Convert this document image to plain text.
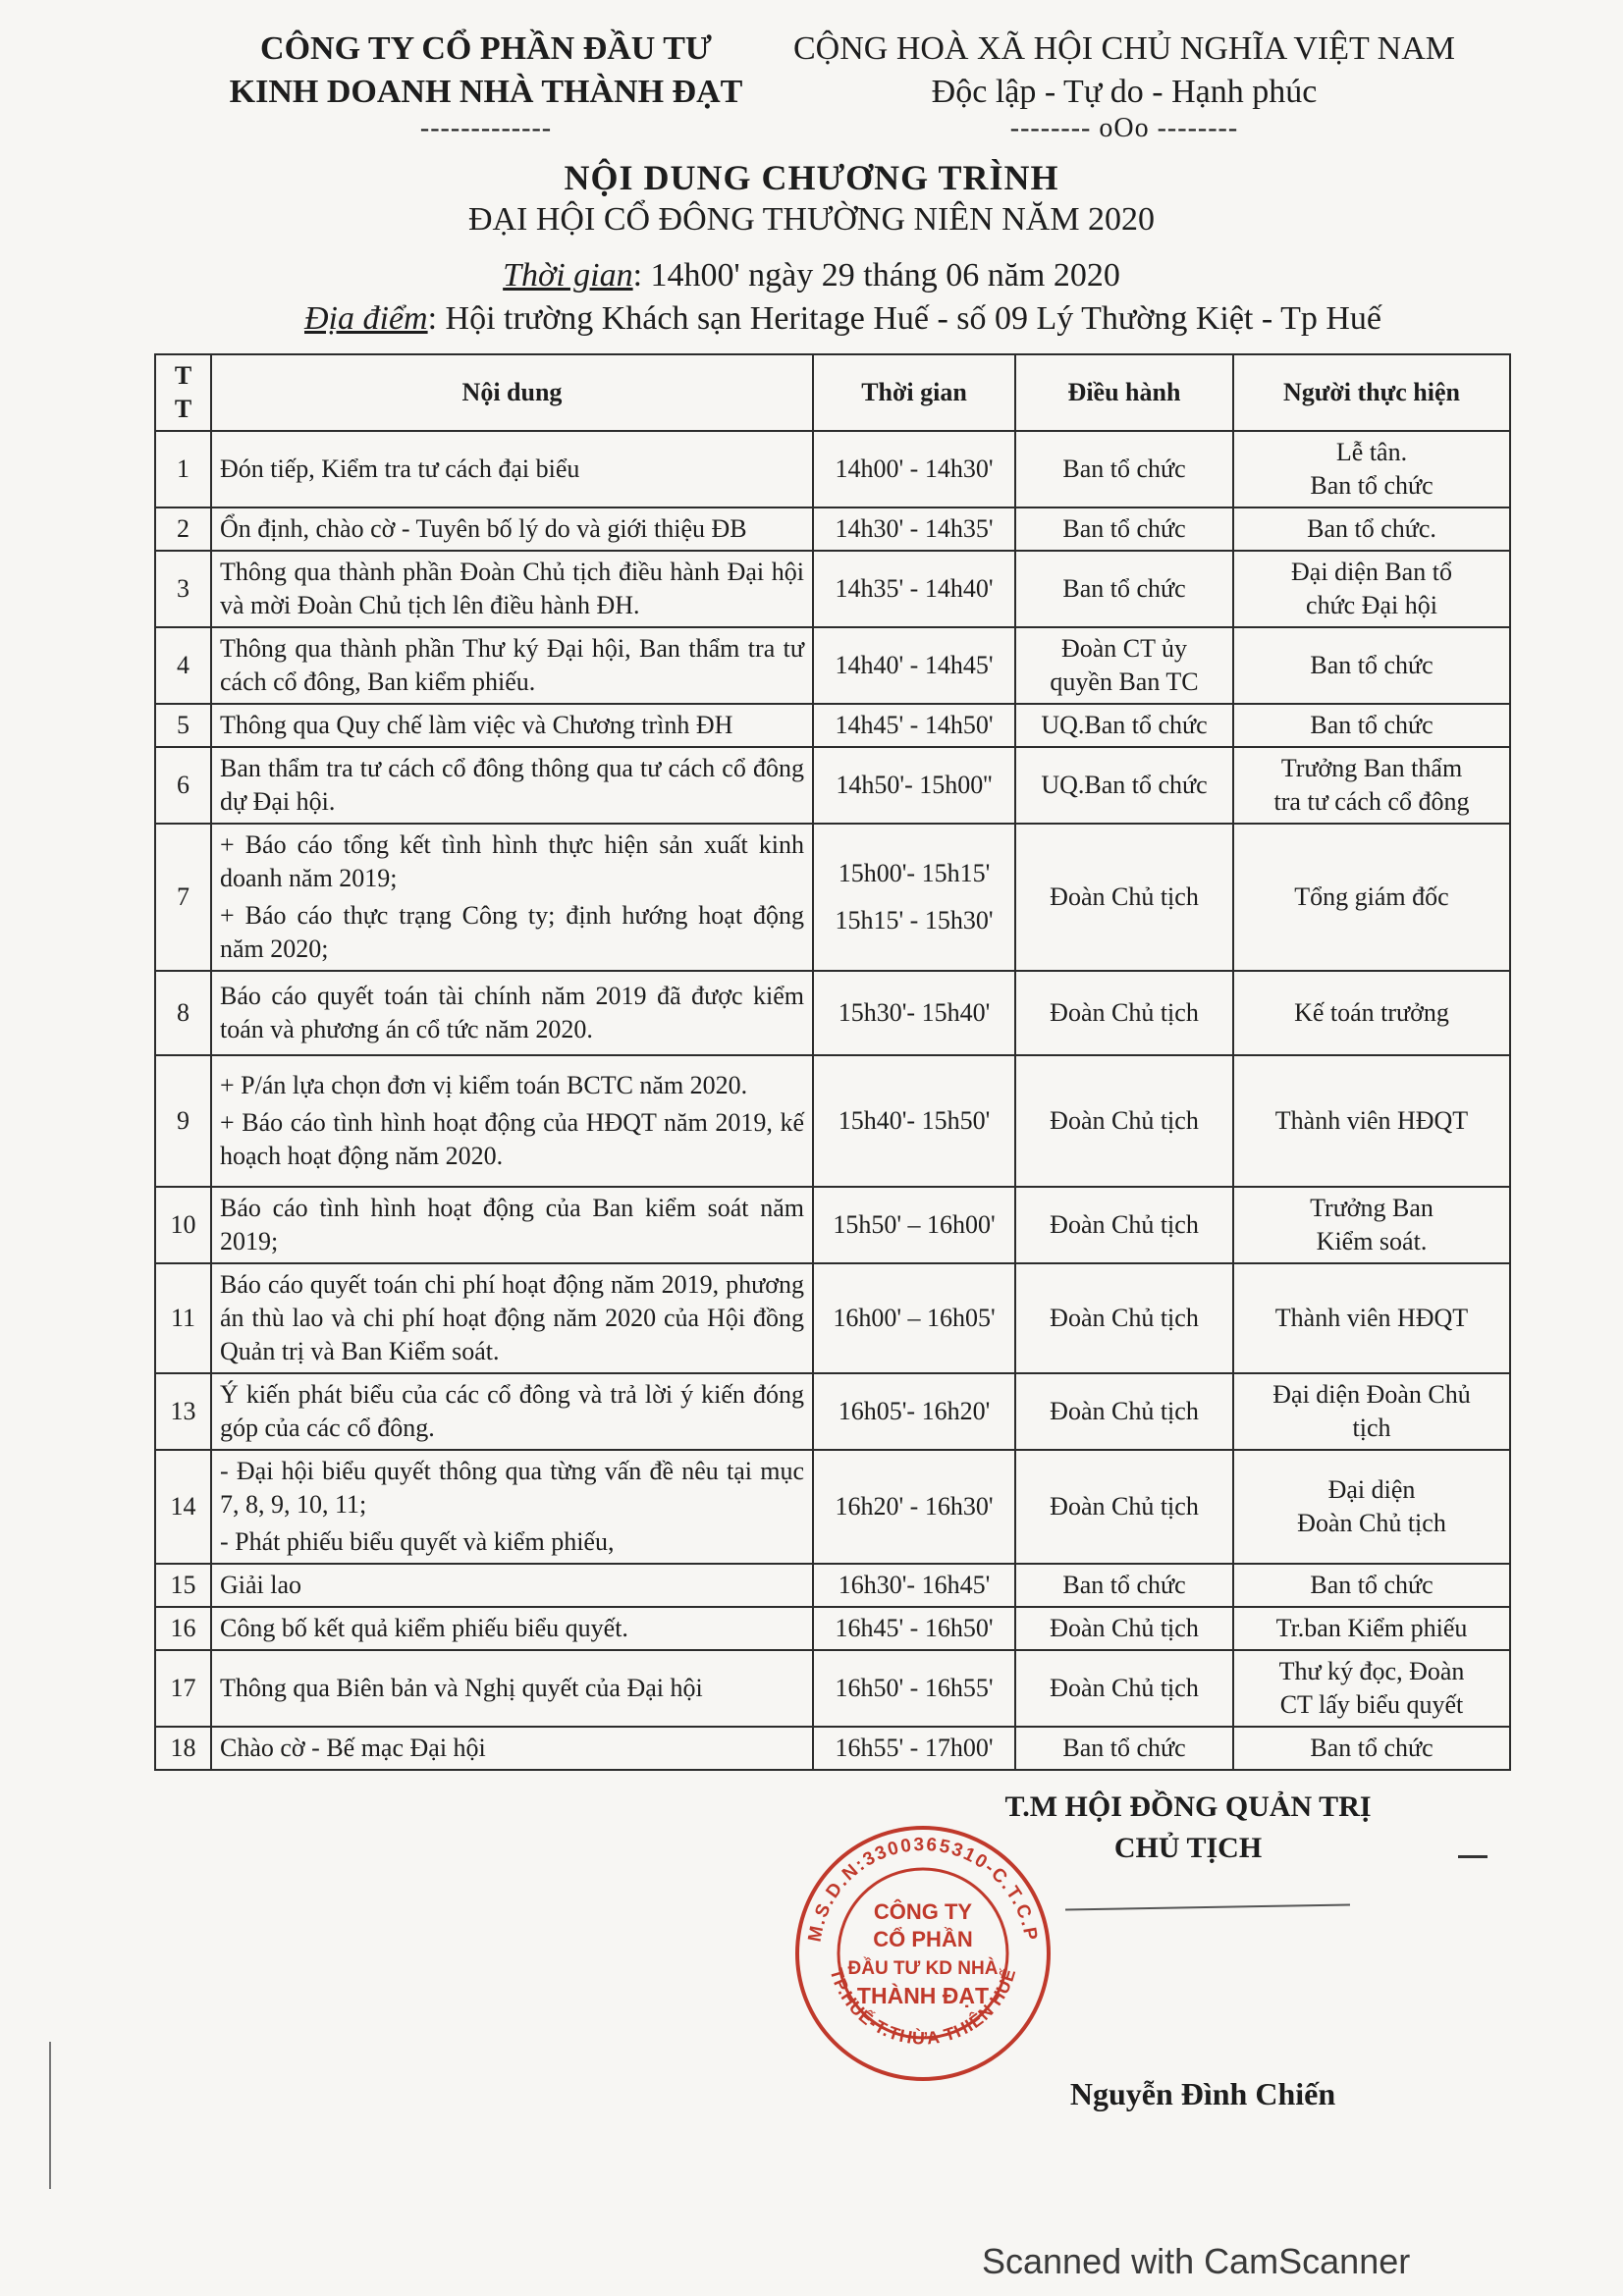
CÔNG TY CỔ PHẦN ĐẦU TƯ
KINH DOANH NHÀ THÀNH ĐẠT
-------------
CỘNG HOÀ XÃ HỘI CHỦ NGHĨA VIỆT NAM
Độc lập - Tự do - Hạnh phúc
-------- oOo --------
NỘI DUNG CHƯƠNG TRÌNH
ĐẠI HỘI CỔ ĐÔNG THƯỜNG NIÊN NĂM 2020
Thời gian: 14h00' ngày 29 tháng 06 năm 2020
Địa điểm: Hội trường Khách sạn Heritage Huế - số 09 Lý Thường Kiệt - Tp Huế
T
T	Nội dung	Thời gian	Điều hành	Người thực hiện
1	Đón tiếp, Kiểm tra tư cách đại biểu	14h00' - 14h30'	Ban tổ chức	Lễ tân.
Ban tổ chức

2	Ổn định, chào cờ - Tuyên bố lý do và giới thiệu ĐB	14h30' - 14h35'	Ban tổ chức	Ban tổ chức.

3	Thông qua thành phần Đoàn Chủ tịch điều hành Đại hội và mời Đoàn Chủ tịch lên điều hành ĐH.	14h35' - 14h40'	Ban tổ chức	Đại diện Ban tổ
chức Đại hội

4	Thông qua thành phần Thư ký Đại hội, Ban thẩm tra tư cách cổ đông, Ban kiểm phiếu.	14h40' - 14h45'	Đoàn CT ủy
quyền Ban TC	Ban tổ chức

5	Thông qua Quy chế làm việc và Chương trình ĐH	14h45' - 14h50'	UQ.Ban tổ chức	Ban tổ chức

6	Ban thẩm tra tư cách cổ đông thông qua tư cách cổ đông dự Đại hội.	14h50'- 15h00''	UQ.Ban tổ chức	Trưởng Ban thẩm
tra tư cách cổ đông

7	+ Báo cáo tổng kết tình hình thực hiện sản xuất kinh doanh năm 2019;
+ Báo cáo thực trạng Công ty; định hướng hoạt động năm 2020;	15h00'- 15h15'
15h15' - 15h30'	Đoàn Chủ tịch	Tổng giám đốc

8	Báo cáo quyết toán tài chính năm 2019 đã được kiểm toán và phương án cổ tức năm 2020.	15h30'- 15h40'	Đoàn Chủ tịch	Kế toán trưởng

9	+ P/án lựa chọn đơn vị kiểm toán BCTC năm 2020.
+ Báo cáo tình hình hoạt động của HĐQT năm 2019, kế hoạch hoạt động năm 2020.	15h40'- 15h50'	Đoàn Chủ tịch	Thành viên HĐQT

10	Báo cáo tình hình hoạt động của Ban kiểm soát năm 2019;	15h50' – 16h00'	Đoàn Chủ tịch	Trưởng Ban
Kiểm soát.

11	Báo cáo quyết toán chi phí hoạt động năm 2019, phương án thù lao và chi phí hoạt động năm 2020 của Hội đồng Quản trị và Ban Kiểm soát.	16h00' – 16h05'	Đoàn Chủ tịch	Thành viên HĐQT

13	Ý kiến phát biểu của các cổ đông và trả lời ý kiến đóng góp của các cổ đông.	16h05'- 16h20'	Đoàn Chủ tịch	Đại diện Đoàn Chủ
tịch

14	- Đại hội biểu quyết thông qua từng vấn đề nêu tại mục 7, 8, 9, 10, 11;
- Phát phiếu biểu quyết và kiểm phiếu,	16h20' - 16h30'	Đoàn Chủ tịch	Đại diện
Đoàn Chủ tịch

15	Giải lao	16h30'- 16h45'	Ban tổ chức	Ban tổ chức

16	Công bố kết quả kiểm phiếu biểu quyết.	16h45' - 16h50'	Đoàn Chủ tịch	Tr.ban Kiểm phiếu

17	Thông qua Biên bản và Nghị quyết của Đại hội	16h50' - 16h55'	Đoàn Chủ tịch	Thư ký đọc, Đoàn
CT lấy biểu quyết

18	Chào cờ - Bế mạc Đại hội	16h55' - 17h00'	Ban tổ chức	Ban tổ chức
T.M HỘI ĐỒNG QUẢN TRỊ
CHỦ TỊCH
M.S.D.N:3300365310-C.T.C.P
TP.HUẾ-T.THỪA THIÊN HUẾ
CÔNG TY
CỔ PHẦN
ĐẦU TƯ KD NHÀ
THÀNH ĐẠT
Nguyễn Đình Chiến
Scanned with CamScanner
